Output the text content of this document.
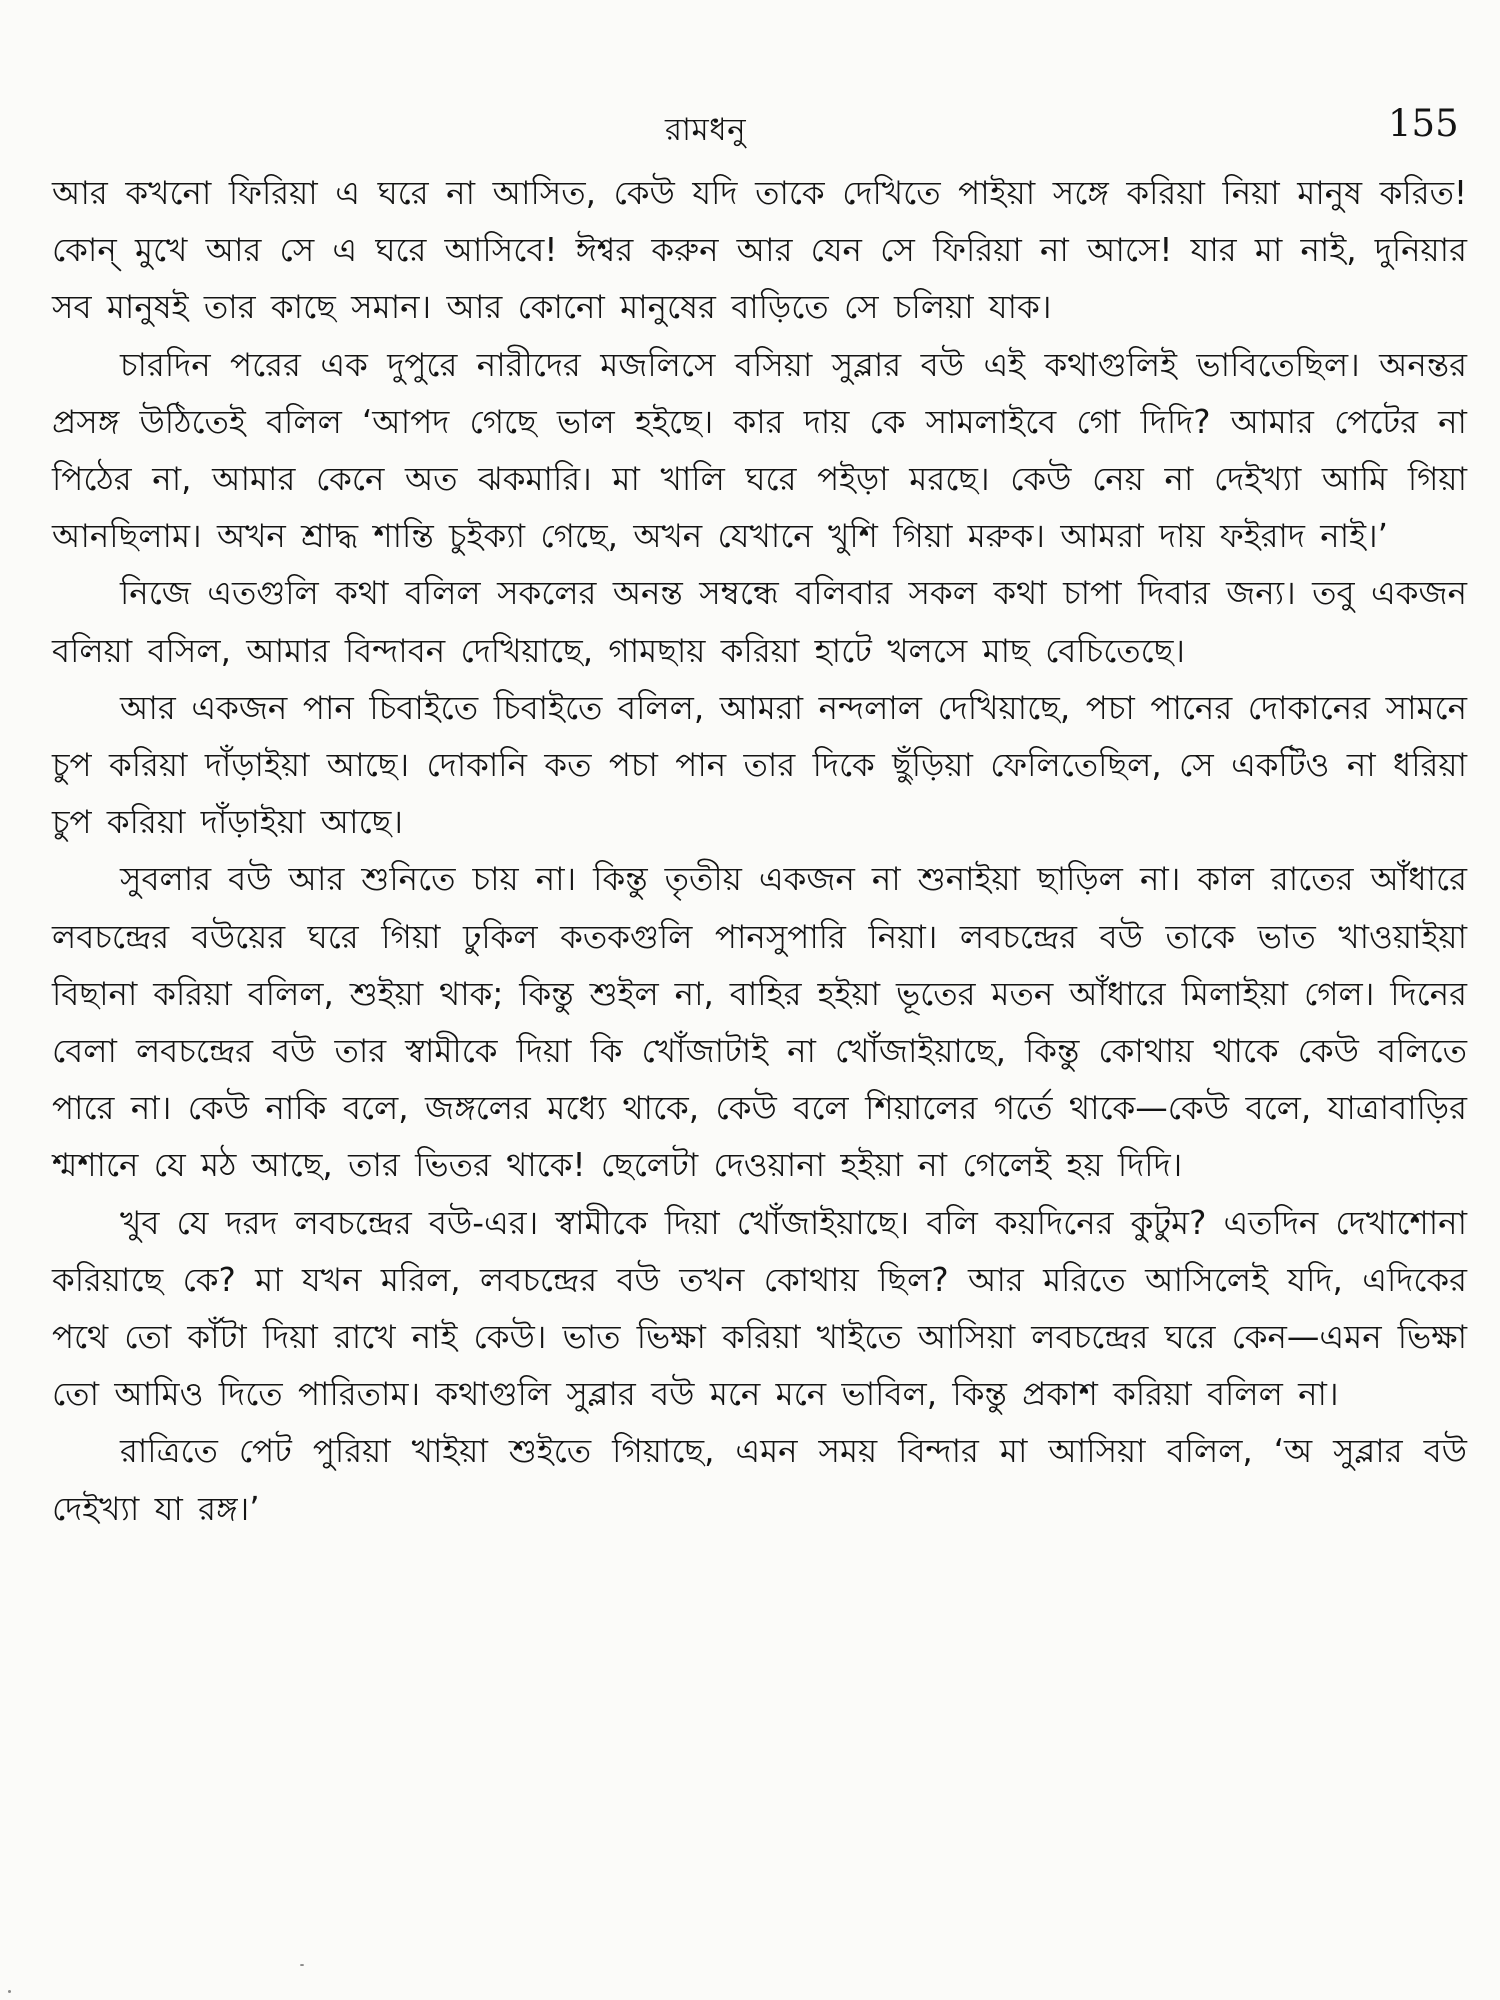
রামধনু	155

আর কখনো ফিরিয়া এ ঘরে না আসিত, কেউ যদি তাকে দেখিতে পাইয়া সঙ্গে করিয়া নিয়া মানুষ করিত! কোন্ মুখে আর সে এ ঘরে আসিবে! ঈশ্বর করুন আর যেন সে ফিরিয়া না আসে! যার মা নাই, দুনিয়ার সব মানুষই তার কাছে সমান। আর কোনো মানুষের বাড়িতে সে চলিয়া যাক।

চারদিন পরের এক দুপুরে নারীদের মজলিসে বসিয়া সুব্লার বউ এই কথাগুলিই ভাবিতেছিল। অনন্তর প্রসঙ্গ উঠিতেই বলিল ‘আপদ গেছে ভাল হইছে। কার দায় কে সামলাইবে গো দিদি? আমার পেটের না পিঠের না, আমার কেনে অত ঝকমারি। মা খালি ঘরে পইড়া মরছে। কেউ নেয় না দেইখ্যা আমি গিয়া আনছিলাম। অখন শ্রাদ্ধ শান্তি চুইক্যা গেছে, অখন যেখানে খুশি গিয়া মরুক। আমরা দায় ফইরাদ নাই।’

নিজে এতগুলি কথা বলিল সকলের অনন্ত সম্বন্ধে বলিবার সকল কথা চাপা দিবার জন্য। তবু একজন বলিয়া বসিল, আমার বিন্দাবন দেখিয়াছে, গামছায় করিয়া হাটে খলসে মাছ বেচিতেছে।

আর একজন পান চিবাইতে চিবাইতে বলিল, আমরা নন্দলাল দেখিয়াছে, পচা পানের দোকানের সামনে চুপ করিয়া দাঁড়াইয়া আছে। দোকানি কত পচা পান তার দিকে ছুঁড়িয়া ফেলিতেছিল, সে একটিও না ধরিয়া চুপ করিয়া দাঁড়াইয়া আছে।

সুবলার বউ আর শুনিতে চায় না। কিন্তু তৃতীয় একজন না শুনাইয়া ছাড়িল না। কাল রাতের আঁধারে লবচন্দ্রের বউয়ের ঘরে গিয়া ঢুকিল কতকগুলি পানসুপারি নিয়া। লবচন্দ্রের বউ তাকে ভাত খাওয়াইয়া বিছানা করিয়া বলিল, শুইয়া থাক; কিন্তু শুইল না, বাহির হইয়া ভূতের মতন আঁধারে মিলাইয়া গেল। দিনের বেলা লবচন্দ্রের বউ তার স্বামীকে দিয়া কি খোঁজাটাই না খোঁজাইয়াছে, কিন্তু কোথায় থাকে কেউ বলিতে পারে না। কেউ নাকি বলে, জঙ্গলের মধ্যে থাকে, কেউ বলে শিয়ালের গর্তে থাকে—কেউ বলে, যাত্রাবাড়ির শ্মশানে যে মঠ আছে, তার ভিতর থাকে! ছেলেটা দেওয়ানা হইয়া না গেলেই হয় দিদি।

খুব যে দরদ লবচন্দ্রের বউ-এর। স্বামীকে দিয়া খোঁজাইয়াছে। বলি কয়দিনের কুটুম? এতদিন দেখাশোনা করিয়াছে কে? মা যখন মরিল, লবচন্দ্রের বউ তখন কোথায় ছিল? আর মরিতে আসিলেই যদি, এদিকের পথে তো কাঁটা দিয়া রাখে নাই কেউ। ভাত ভিক্ষা করিয়া খাইতে আসিয়া লবচন্দ্রের ঘরে কেন—এমন ভিক্ষা তো আমিও দিতে পারিতাম। কথাগুলি সুব্লার বউ মনে মনে ভাবিল, কিন্তু প্রকাশ করিয়া বলিল না।

রাত্রিতে পেট পুরিয়া খাইয়া শুইতে গিয়াছে, এমন সময় বিন্দার মা আসিয়া বলিল, ‘অ সুব্লার বউ দেইখ্যা যা রঙ্গ।’
